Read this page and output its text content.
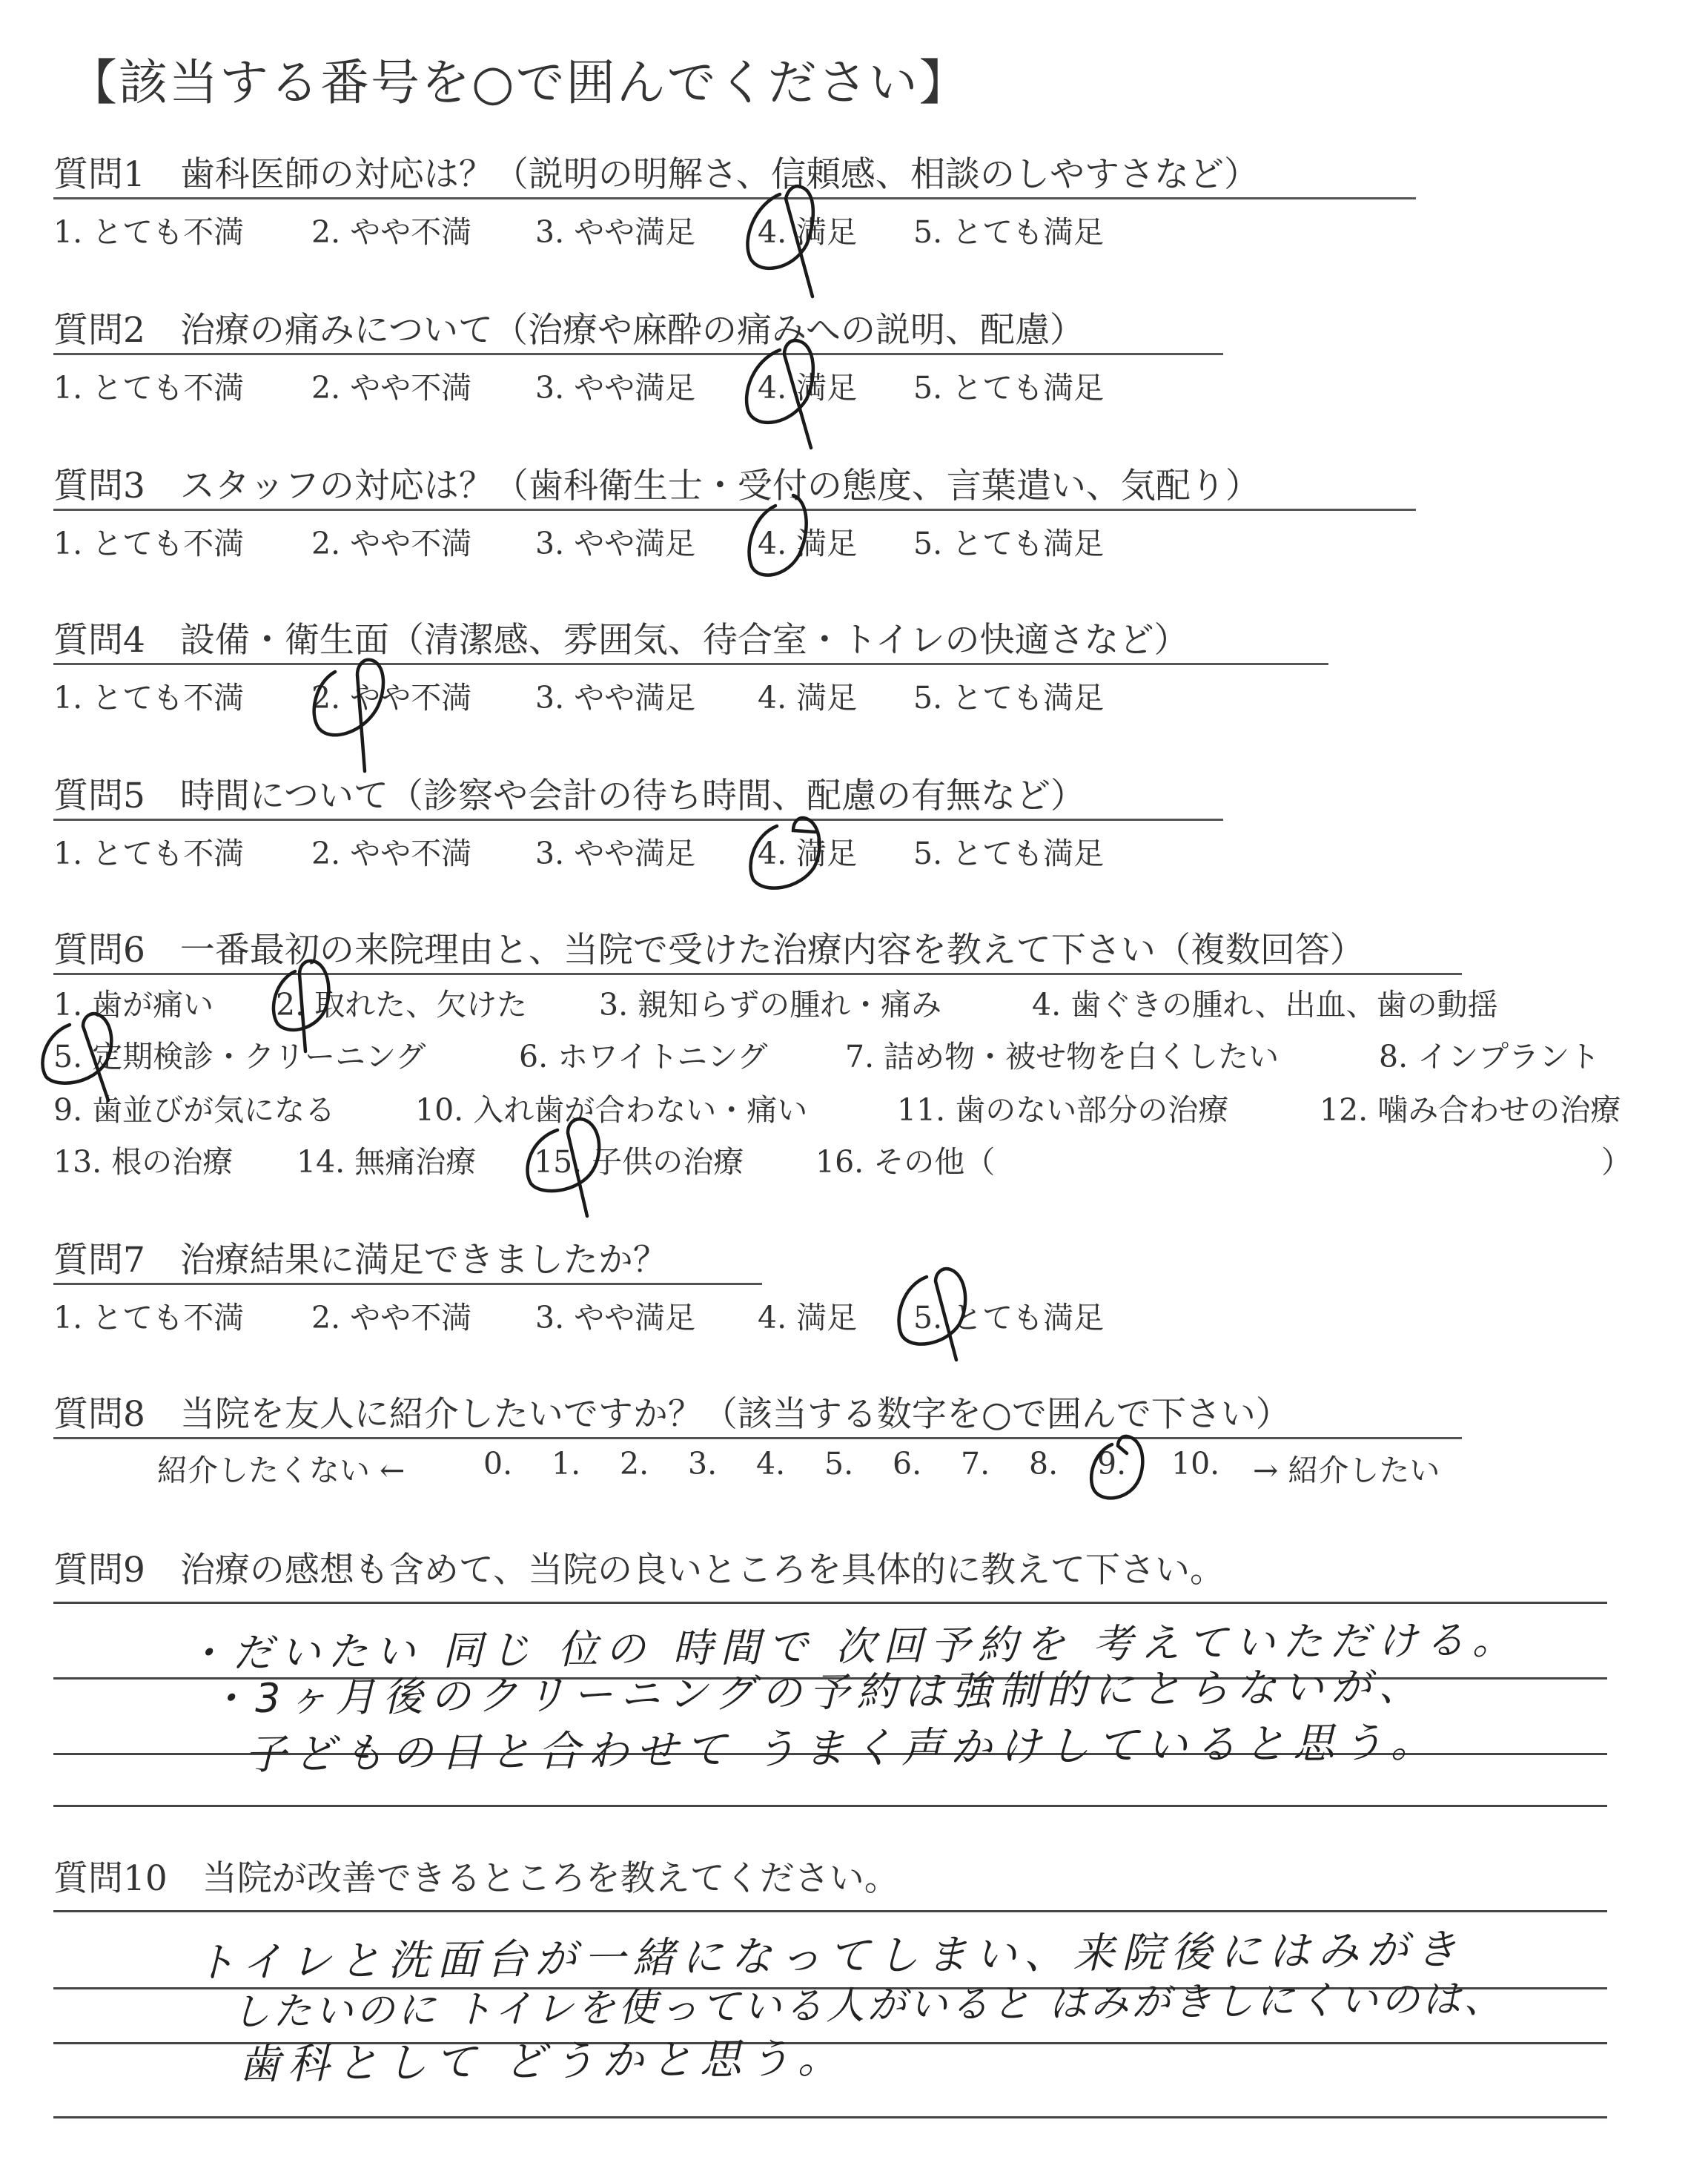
【該当する番号を○で囲んでください】
質問1　歯科医師の対応は？（説明の明解さ、信頼感、相談のしやすさなど）
1. とても不満 2. やや不満 3. やや満足 4. 満足 5. とても満足
質問2　治療の痛みについて（治療や麻酔の痛みへの説明、配慮）
1. とても不満 2. やや不満 3. やや満足 4. 満足 5. とても満足
質問3　スタッフの対応は？（歯科衛生士・受付の態度、言葉遣い、気配り）
1. とても不満 2. やや不満 3. やや満足 4. 満足 5. とても満足
質問4　設備・衛生面（清潔感、雰囲気、待合室・トイレの快適さなど）
1. とても不満 2. やや不満 3. やや満足 4. 満足 5. とても満足
質問5　時間について（診察や会計の待ち時間、配慮の有無など）
1. とても不満 2. やや不満 3. やや満足 4. 満足 5. とても満足
質問6　一番最初の来院理由と、当院で受けた治療内容を教えて下さい（複数回答）
1. 歯が痛い 2. 取れた、欠けた 3. 親知らずの腫れ・痛み	4. 歯ぐきの腫れ、出血、歯の動揺
5. 定期検診・クリーニング	6. ホワイトニング	7. 詰め物・被せ物を白くしたい	8. インプラント
9. 歯並びが気になる	10. 入れ歯が合わない・痛い	11. 歯のない部分の治療	12. 噛み合わせの治療
13. 根の治療 14. 無痛治療 15. 子供の治療 16. その他（	）
質問7　治療結果に満足できましたか？
1. とても不満 2. やや不満 3. やや満足 4. 満足 5. とても満足
質問8　当院を友人に紹介したいですか？（該当する数字を○で囲んで下さい）
紹介したくない ←	0. 1. 2. 3. 4. 5. 6. 7. 8. 9. 10. → 紹介したい
質問9　治療の感想も含めて、当院の良いところを具体的に教えて下さい。
・だいたい 同じ 位の 時間で 次回予約を 考えていただける。
・3ヶ月後のクリーニングの予約は強制的にとらないが、
子どもの日と合わせて うまく声かけしていると思う。
質問10　当院が改善できるところを教えてください。
トイレと洗面台が一緒になってしまい、来院後にはみがき
したいのに トイレを使っている人がいると はみがきしにくいのは、
歯科として どうかと思う。
